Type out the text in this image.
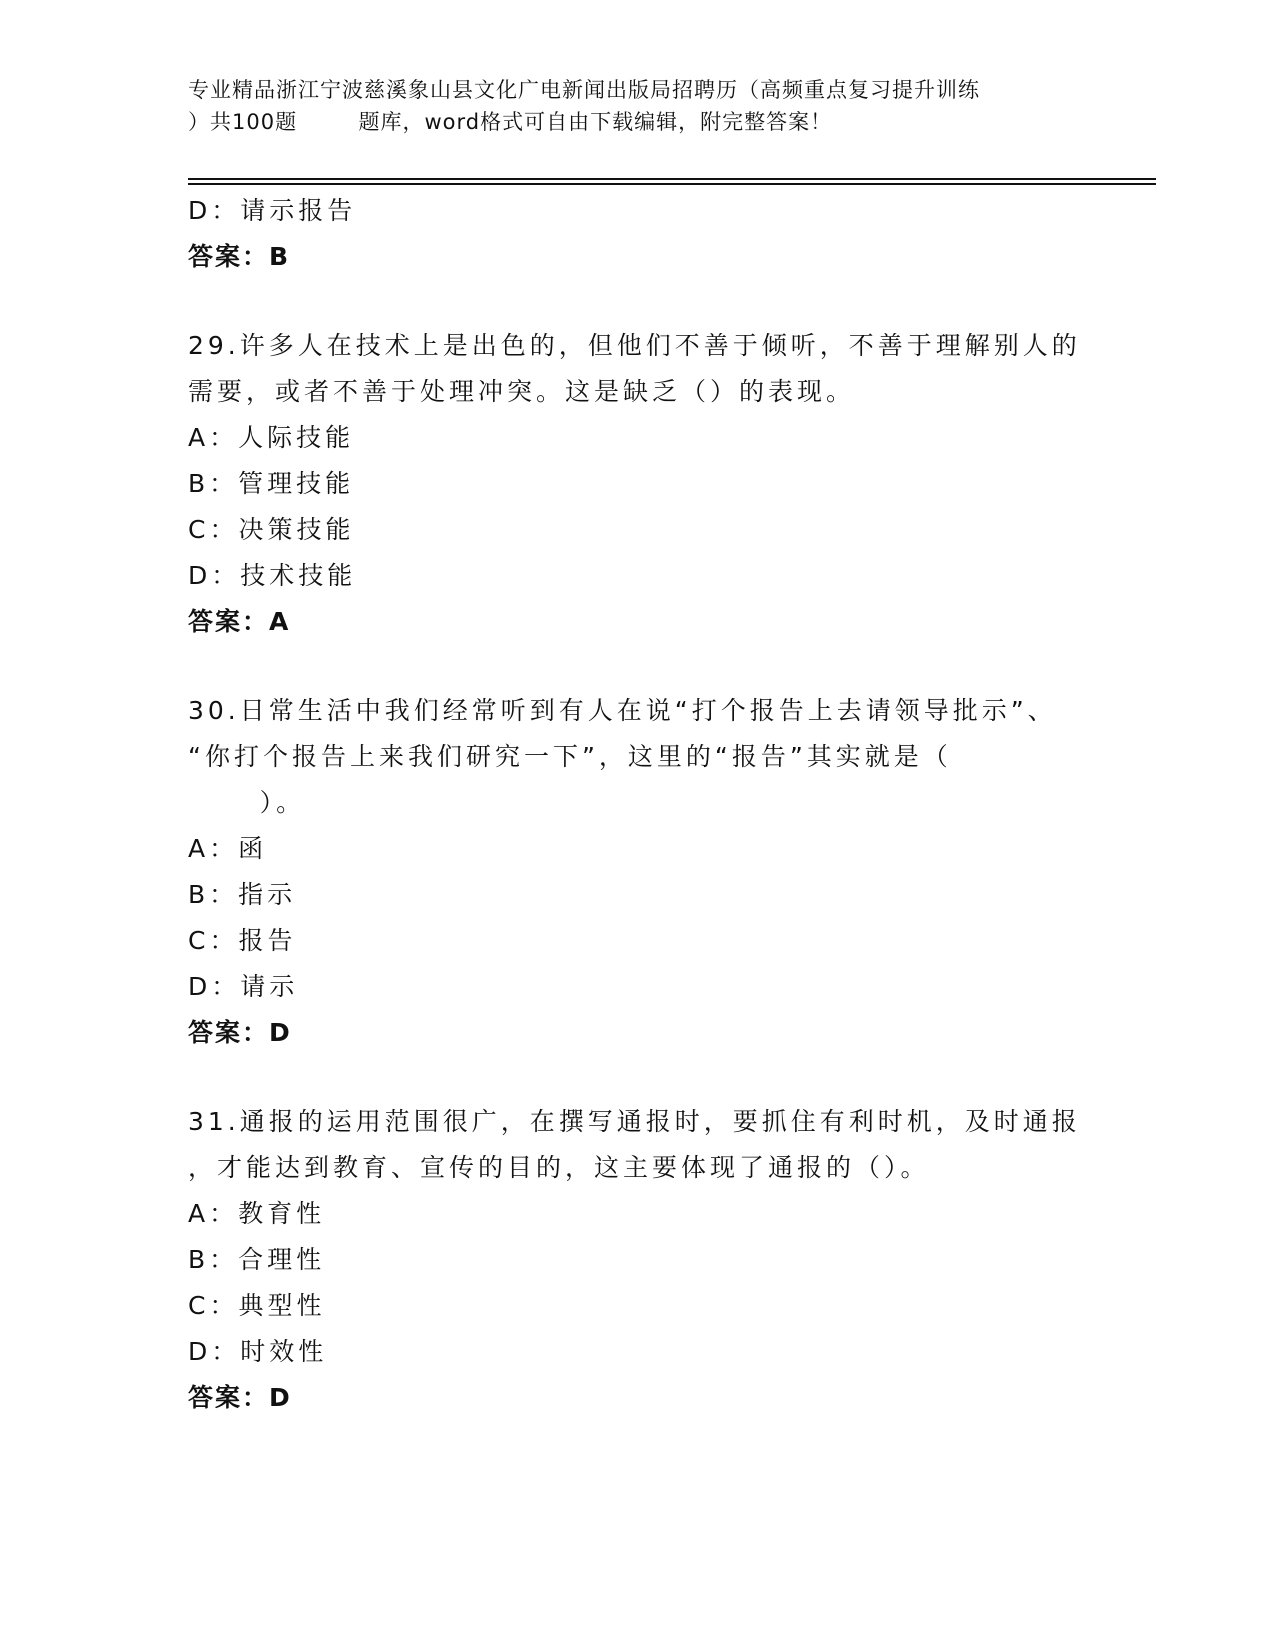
专业精品浙江宁波慈溪象山县文化广电新闻出版局招聘历（高频重点复习提升训练
）共100题        题库，word格式可自由下载编辑，附完整答案！
D：请示报告
答案：B
29.许多人在技术上是出色的，但他们不善于倾听，不善于理解别人的
需要，或者不善于处理冲突。这是缺乏（）的表现。
A：人际技能
B：管理技能
C：决策技能
D：技术技能
答案：A
30.日常生活中我们经常听到有人在说“打个报告上去请领导批示”、
“你打个报告上来我们研究一下”，这里的“报告”其实就是（
）。
A：函
B：指示
C：报告
D：请示
答案：D
31.通报的运用范围很广，在撰写通报时，要抓住有利时机，及时通报
，才能达到教育、宣传的目的，这主要体现了通报的（）。
A：教育性
B：合理性
C：典型性
D：时效性
答案：D
